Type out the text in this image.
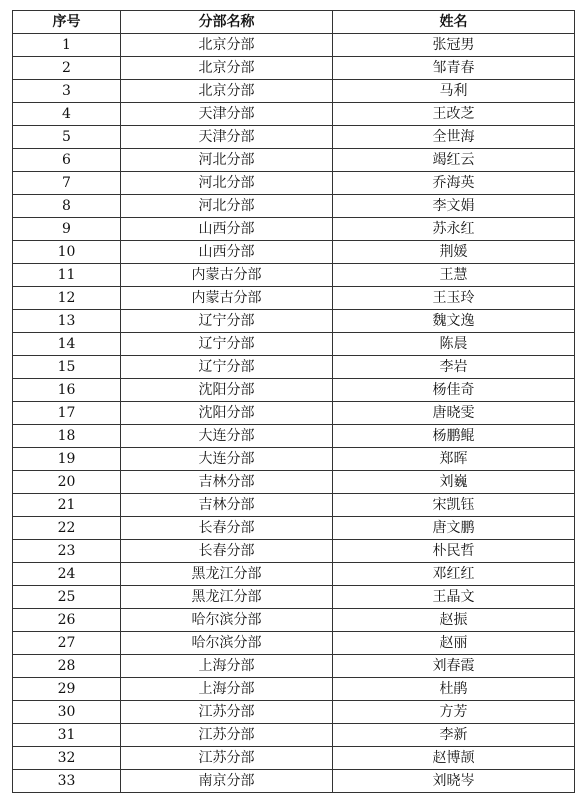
序号	分部名称	姓名
1	北京分部	张冠男
2	北京分部	邹青春
3	北京分部	马利
4	天津分部	王改芝
5	天津分部	全世海
6	河北分部	竭红云
7	河北分部	乔海英
8	河北分部	李文娟
9	山西分部	苏永红
10	山西分部	荆媛
11	内蒙古分部	王慧
12	内蒙古分部	王玉玲
13	辽宁分部	魏文逸
14	辽宁分部	陈晨
15	辽宁分部	李岩
16	沈阳分部	杨佳奇
17	沈阳分部	唐晓雯
18	大连分部	杨鹏鲲
19	大连分部	郑晖
20	吉林分部	刘巍
21	吉林分部	宋凯钰
22	长春分部	唐文鹏
23	长春分部	朴民哲
24	黑龙江分部	邓红红
25	黑龙江分部	王晶文
26	哈尔滨分部	赵振
27	哈尔滨分部	赵丽
28	上海分部	刘春霞
29	上海分部	杜鹃
30	江苏分部	方芳
31	江苏分部	李新
32	江苏分部	赵博颉
33	南京分部	刘晓岑
